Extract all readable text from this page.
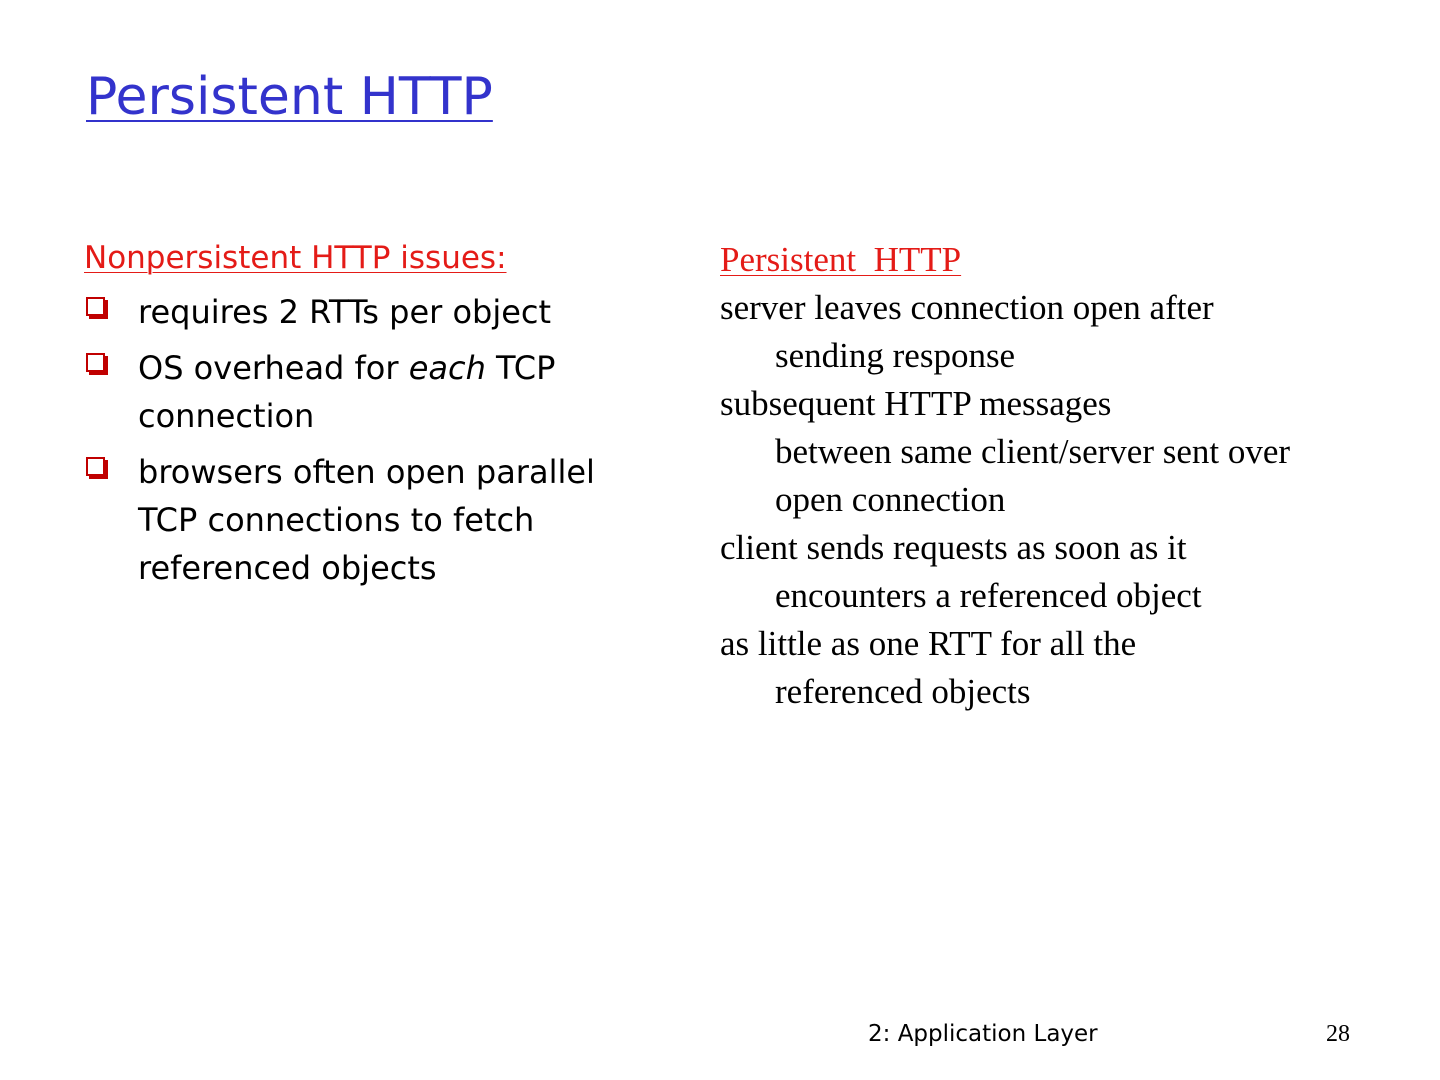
Persistent HTTP
Nonpersistent HTTP issues:
requires 2 RTTs per object
OS overhead for each TCP connection
browsers often open parallel TCP connections to fetch referenced objects
Persistent  HTTP
server leaves connection open after
sending response
subsequent HTTP messages
between same client/server sent over open connection
client sends requests as soon as it
encounters a referenced object
as little as one RTT for all the
referenced objects
2: Application Layer	28
